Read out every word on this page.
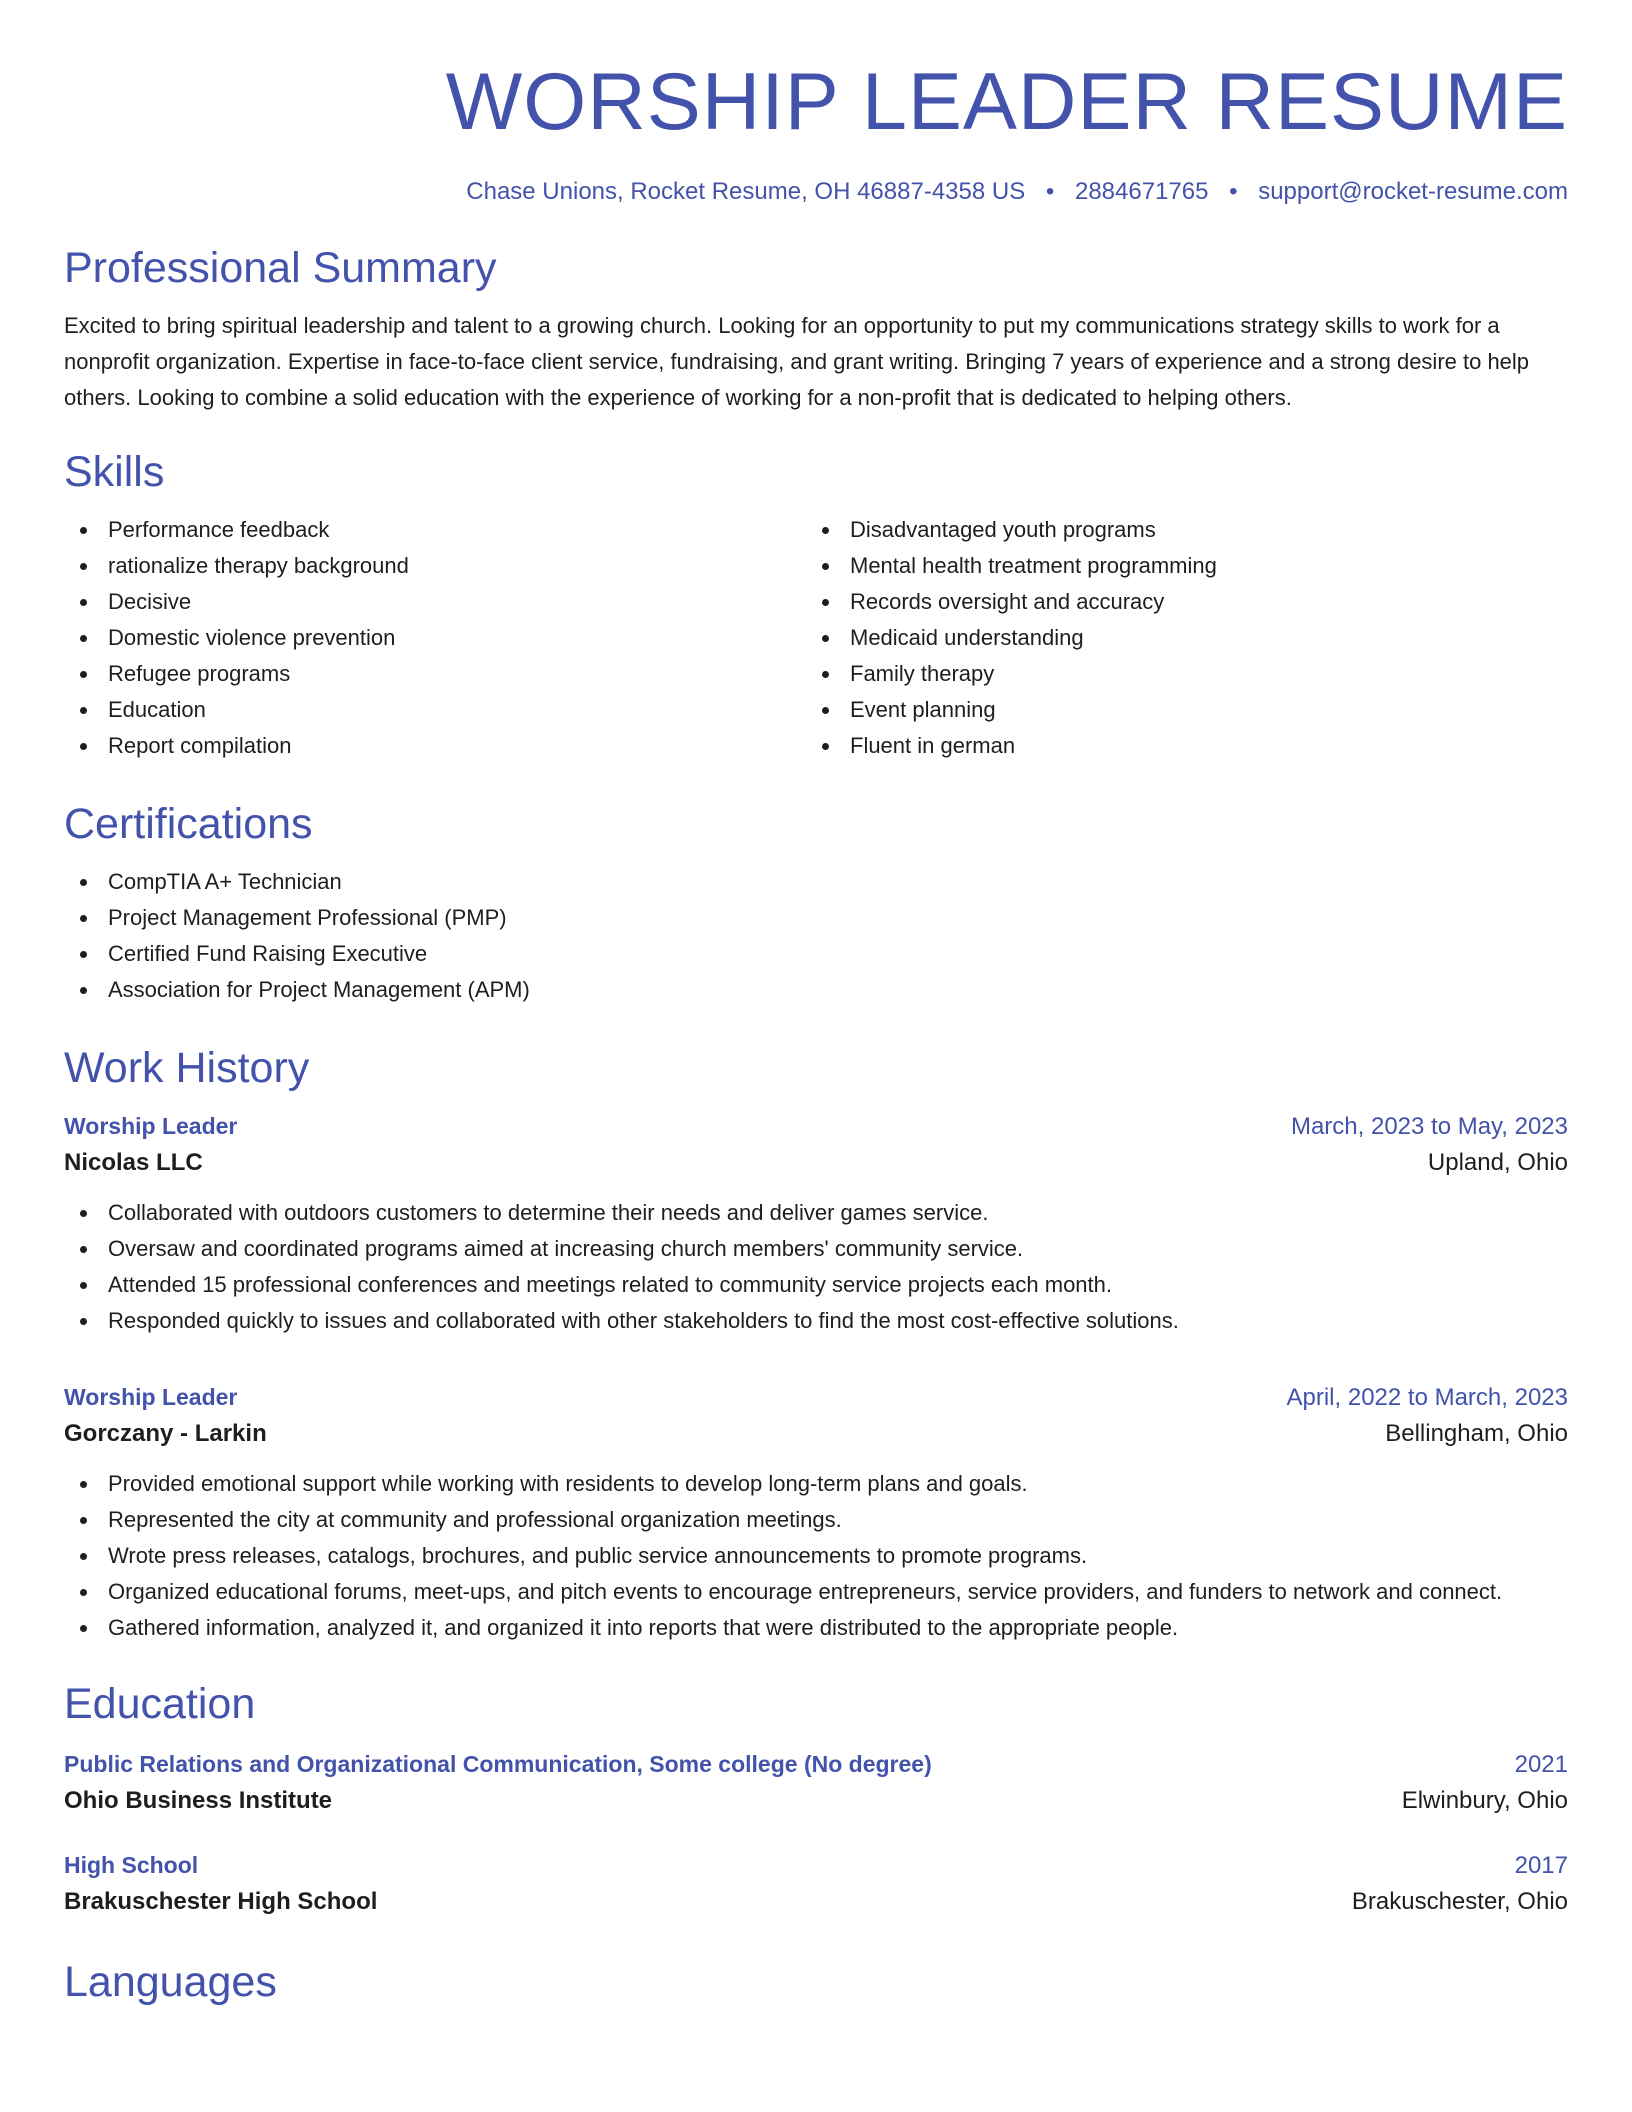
WORSHIP LEADER RESUME
Chase Unions, Rocket Resume, OH 46887-4358 US • 2884671765 • support@rocket-resume.com
Professional Summary

Excited to bring spiritual leadership and talent to a growing church. Looking for an opportunity to put my communications strategy skills to work for a nonprofit organization. Expertise in face-to-face client service, fundraising, and grant writing. Bringing 7 years of experience and a strong desire to help others. Looking to combine a solid education with the experience of working for a non-profit that is dedicated to helping others.

Skills
Performance feedback
rationalize therapy background
Decisive
Domestic violence prevention
Refugee programs
Education
Report compilation
Disadvantaged youth programs
Mental health treatment programming
Records oversight and accuracy
Medicaid understanding
Family therapy
Event planning
Fluent in german
Certifications
CompTIA A+ Technician
Project Management Professional (PMP)
Certified Fund Raising Executive
Association for Project Management (APM)
Work History
Worship Leader	March, 2023 to May, 2023
Nicolas LLC	Upland, Ohio
Collaborated with outdoors customers to determine their needs and deliver games service.
Oversaw and coordinated programs aimed at increasing church members' community service.
Attended 15 professional conferences and meetings related to community service projects each month.
Responded quickly to issues and collaborated with other stakeholders to find the most cost-effective solutions.
Worship Leader	April, 2022 to March, 2023
Gorczany - Larkin	Bellingham, Ohio
Provided emotional support while working with residents to develop long-term plans and goals.
Represented the city at community and professional organization meetings.
Wrote press releases, catalogs, brochures, and public service announcements to promote programs.
Organized educational forums, meet-ups, and pitch events to encourage entrepreneurs, service providers, and funders to network and connect.
Gathered information, analyzed it, and organized it into reports that were distributed to the appropriate people.
Education
Public Relations and Organizational Communication, Some college (No degree)	2021
Ohio Business Institute	Elwinbury, Ohio
High School	2017
Brakuschester High School	Brakuschester, Ohio
Languages
